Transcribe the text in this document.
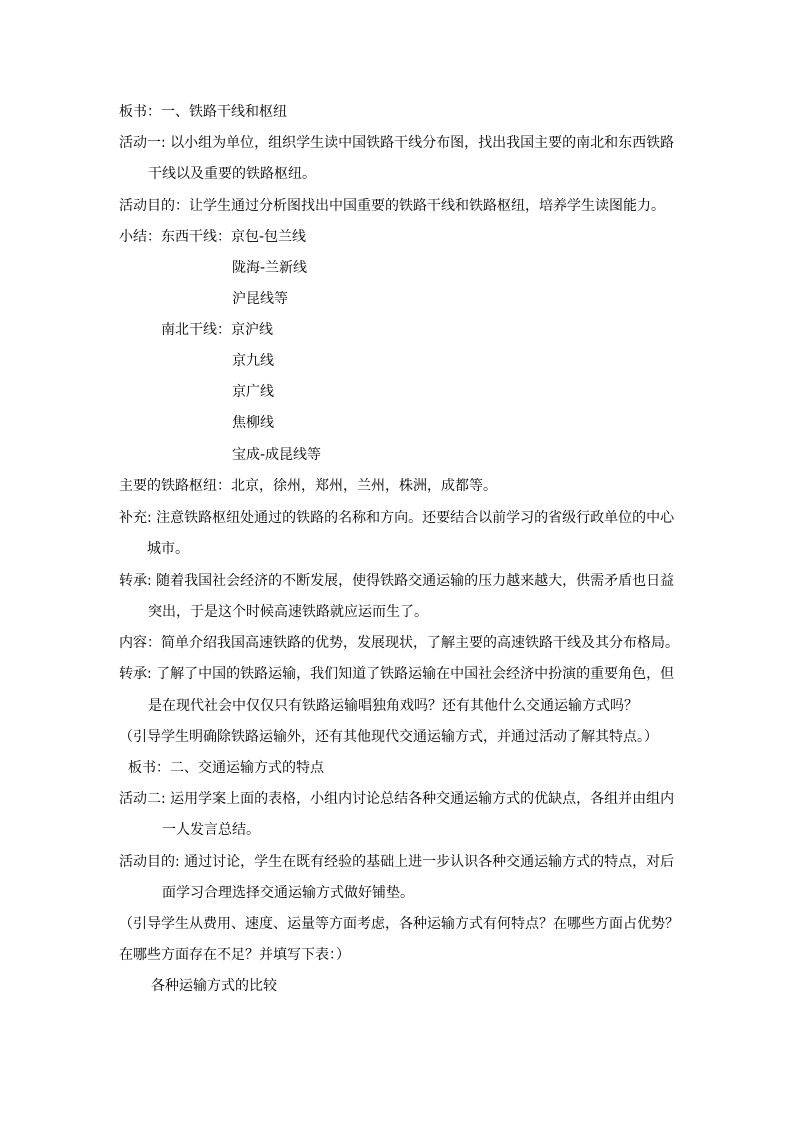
板书：一、铁路干线和枢纽
活动一: 以小组为单位，组织学生读中国铁路干线分布图，找出我国主要的南北和东西铁路
干线以及重要的铁路枢纽。
活动目的：让学生通过分析图找出中国重要的铁路干线和铁路枢纽，培养学生读图能力。
小结：东西干线：京包-包兰线
陇海-兰新线
沪昆线等
南北干线：京沪线
京九线
京广线
焦柳线
宝成-成昆线等
主要的铁路枢纽：北京，徐州，郑州，兰州，株洲，成都等。
补充: 注意铁路枢纽处通过的铁路的名称和方向。还要结合以前学习的省级行政单位的中心
城市。
转承: 随着我国社会经济的不断发展，使得铁路交通运输的压力越来越大，供需矛盾也日益
突出，于是这个时候高速铁路就应运而生了。
内容：简单介绍我国高速铁路的优势，发展现状，了解主要的高速铁路干线及其分布格局。
转承: 了解了中国的铁路运输，我们知道了铁路运输在中国社会经济中扮演的重要角色，但
是在现代社会中仅仅只有铁路运输唱独角戏吗？还有其他什么交通运输方式吗？
（引导学生明确除铁路运输外，还有其他现代交通运输方式，并通过活动了解其特点。）
板书：二、交通运输方式的特点
活动二: 运用学案上面的表格，小组内讨论总结各种交通运输方式的优缺点，各组并由组内
一人发言总结。
活动目的: 通过讨论，学生在既有经验的基础上进一步认识各种交通运输方式的特点，对后
面学习合理选择交通运输方式做好铺垫。
（引导学生从费用、速度、运量等方面考虑，各种运输方式有何特点？在哪些方面占优势？
在哪些方面存在不足？并填写下表：）
各种运输方式的比较
